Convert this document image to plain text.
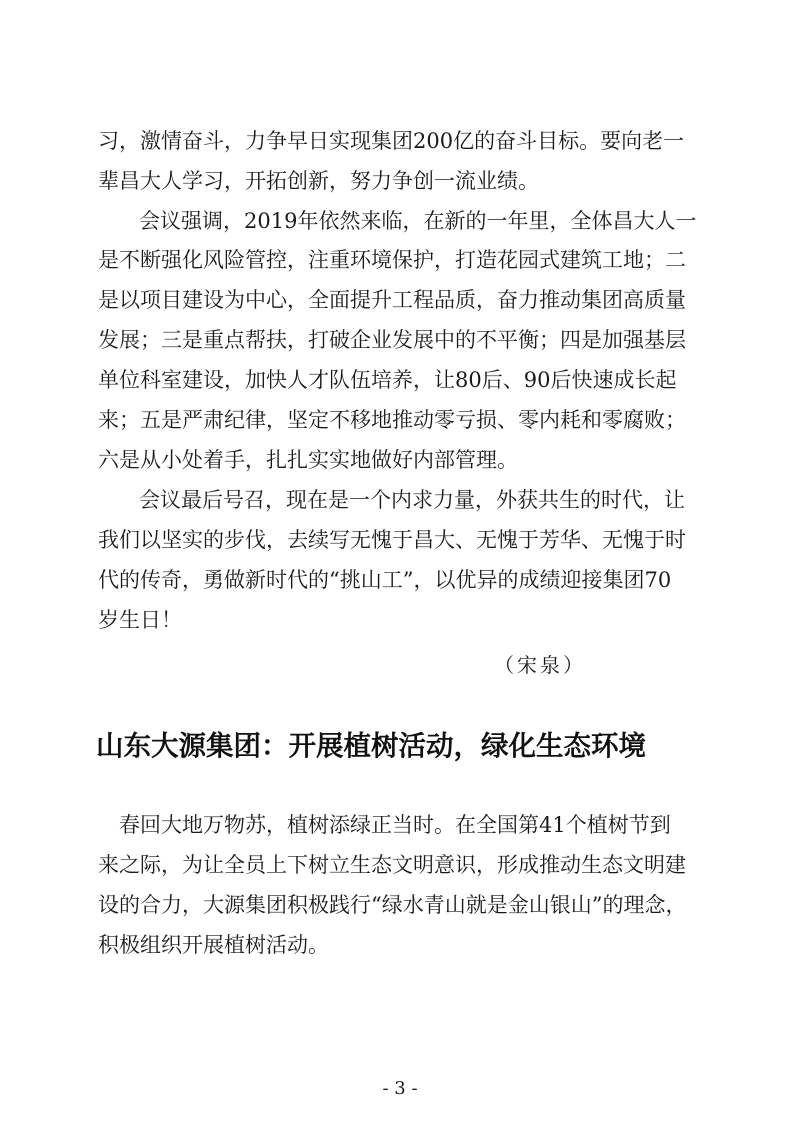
习，激情奋斗，力争早日实现集团200亿的奋斗目标。要向老一

辈昌大人学习，开拓创新，努力争创一流业绩。

会议强调，2019年依然来临，在新的一年里，全体昌大人一

是不断强化风险管控，注重环境保护，打造花园式建筑工地；二

是以项目建设为中心，全面提升工程品质，奋力推动集团高质量

发展；三是重点帮扶，打破企业发展中的不平衡；四是加强基层

单位科室建设，加快人才队伍培养，让80后、90后快速成长起

来；五是严肃纪律，坚定不移地推动零亏损、零内耗和零腐败；

六是从小处着手，扎扎实实地做好内部管理。

会议最后号召，现在是一个内求力量，外获共生的时代，让

我们以坚实的步伐，去续写无愧于昌大、无愧于芳华、无愧于时

代的传奇，勇做新时代的“挑山工”，以优异的成绩迎接集团70

岁生日！

（宋泉）
山东大源集团：开展植树活动，绿化生态环境

春回大地万物苏，植树添绿正当时。在全国第41个植树节到

来之际，为让全员上下树立生态文明意识，形成推动生态文明建

设的合力，大源集团积极践行“绿水青山就是金山银山”的理念，

积极组织开展植树活动。

- 3 -
